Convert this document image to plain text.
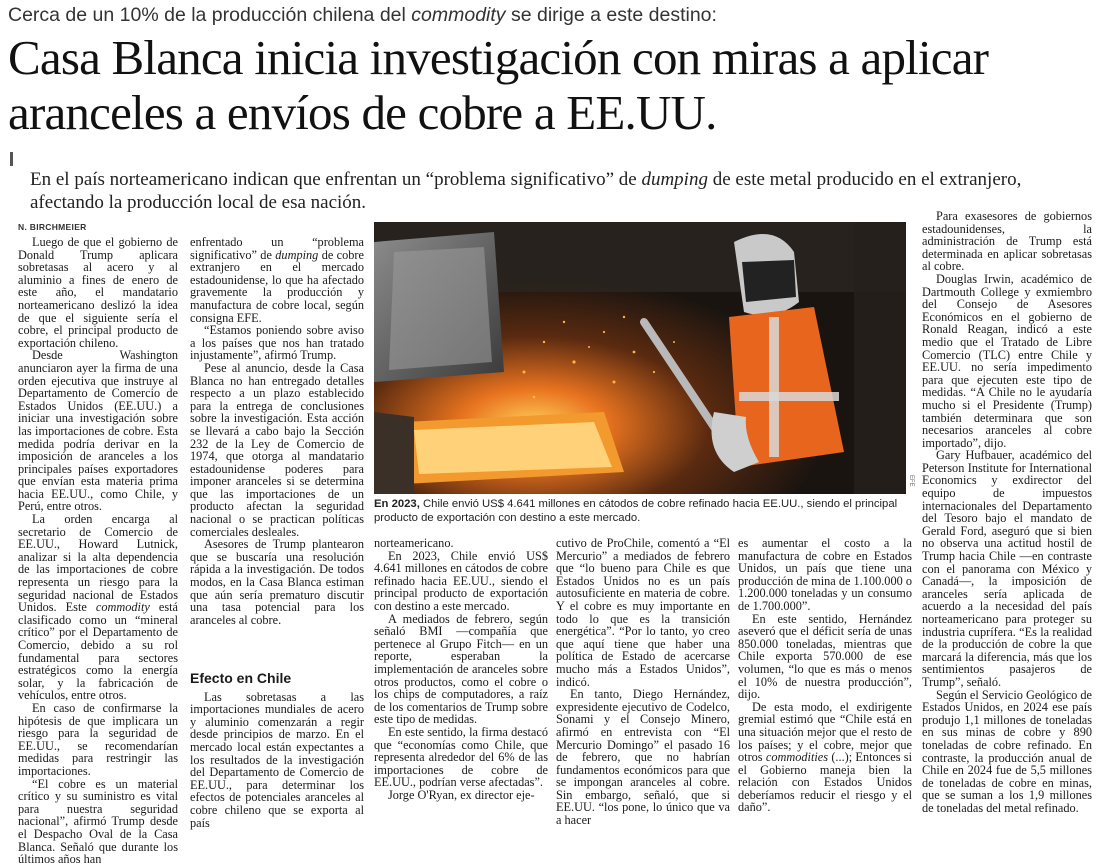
Cerca de un 10% de la producción chilena del commodity se dirige a este destino:
Casa Blanca inicia investigación con miras a aplicar aranceles a envíos de cobre a EE.UU.
En el país norteamericano indican que enfrentan un “problema significativo” de dumping de este metal producido en el extranjero, afectando la producción local de esa nación.
N. BIRCHMEIER

Luego de que el gobierno de Donald Trump aplicara sobretasas al acero y al aluminio a fines de enero de este año, el mandatario norteamericano deslizó la idea de que el siguiente sería el cobre, el principal producto de exportación chileno.

Desde Washington anunciaron ayer la firma de una orden ejecutiva que instruye al Departamento de Comercio de Estados Unidos (EE.UU.) a iniciar una investigación sobre las importaciones de cobre. Esta medida podría derivar en la imposición de aranceles a los principales países exportadores que envían esta materia prima hacia EE.UU., como Chile, y Perú, entre otros.

La orden encarga al secretario de Comercio de EE.UU., Howard Lutnick, analizar si la alta dependencia de las importaciones de cobre representa un riesgo para la seguridad nacional de Estados Unidos. Este commodity está clasificado como un “mineral crítico” por el Departamento de Comercio, debido a su rol fundamental para sectores estratégicos como la energía solar, y la fabricación de vehículos, entre otros.

En caso de confirmarse la hipótesis de que implicara un riesgo para la seguridad de EE.UU., se recomendarían medidas para restringir las importaciones.

“El cobre es un material crítico y su suministro es vital para nuestra seguridad nacional”, afirmó Trump desde el Despacho Oval de la Casa Blanca. Señaló que durante los últimos años han

enfrentado un “problema significativo” de dumping de cobre extranjero en el mercado estadounidense, lo que ha afectado gravemente la producción y manufactura de cobre local, según consigna EFE.

“Estamos poniendo sobre aviso a los países que nos han tratado injustamente”, afirmó Trump.

Pese al anuncio, desde la Casa Blanca no han entregado detalles respecto a un plazo establecido para la entrega de conclusiones sobre la investigación. Esta acción se llevará a cabo bajo la Sección 232 de la Ley de Comercio de 1974, que otorga al mandatario estadounidense poderes para imponer aranceles si se determina que las importaciones de un producto afectan la seguridad nacional o se practican políticas comerciales desleales.

Asesores de Trump plantearon que se buscaría una resolución rápida a la investigación. De todos modos, en la Casa Blanca estiman que aún sería prematuro discutir una tasa potencial para los aranceles al cobre.

Efecto en Chile

Las sobretasas a las importaciones mundiales de acero y aluminio comenzarán a regir desde principios de marzo. En el mercado local están expectantes a los resultados de la investigación del Departamento de Comercio de EE.UU., para determinar los efectos de potenciales aranceles al cobre chileno que se exporta al país

EFE
En 2023, Chile envió US$ 4.641 millones en cátodos de cobre refinado hacia EE.UU., siendo el principal producto de exportación con destino a este mercado.

norteamericano.

En 2023, Chile envió US$ 4.641 millones en cátodos de cobre refinado hacia EE.UU., siendo el principal producto de exportación con destino a este mercado.

A mediados de febrero, según señaló BMI —compañía que pertenece al Grupo Fitch— en un reporte, esperaban la implementación de aranceles sobre otros productos, como el cobre o los chips de computadores, a raíz de los comentarios de Trump sobre este tipo de medidas.

En este sentido, la firma destacó que “economías como Chile, que representa alrededor del 6% de las importaciones de cobre de EE.UU., podrían verse afectadas”.

Jorge O'Ryan, ex director eje-

cutivo de ProChile, comentó a “El Mercurio” a mediados de febrero que “lo bueno para Chile es que Estados Unidos no es un país autosuficiente en materia de cobre. Y el cobre es muy importante en todo lo que es la transición energética”. “Por lo tanto, yo creo que aquí tiene que haber una política de Estado de acercarse mucho más a Estados Unidos”, indicó.

En tanto, Diego Hernández, expresidente ejecutivo de Codelco, Sonami y el Consejo Minero, afirmó en entrevista con “El Mercurio Domingo” el pasado 16 de febrero, que no habrían fundamentos económicos para que se impongan aranceles al cobre. Sin embargo, señaló, que si EE.UU. “los pone, lo único que va a hacer

es aumentar el costo a la manufactura de cobre en Estados Unidos, un país que tiene una producción de mina de 1.100.000 o 1.200.000 toneladas y un consumo de 1.700.000”.

En este sentido, Hernández aseveró que el déficit sería de unas 850.000 toneladas, mientras que Chile exporta 570.000 de ese volumen, “lo que es más o menos el 10% de nuestra producción”, dijo.

De esta modo, el exdirigente gremial estimó que “Chile está en una situación mejor que el resto de los países; y el cobre, mejor que otros commodities (...); Entonces si el Gobierno maneja bien la relación con Estados Unidos deberíamos reducir el riesgo y el daño”.

Para exasesores de gobiernos estadounidenses, la administración de Trump está determinada en aplicar sobretasas al cobre.

Douglas Irwin, académico de Dartmouth College y exmiembro del Consejo de Asesores Económicos en el gobierno de Ronald Reagan, indicó a este medio que el Tratado de Libre Comercio (TLC) entre Chile y EE.UU. no sería impedimento para que ejecuten este tipo de medidas. “A Chile no le ayudaría mucho si el Presidente (Trump) también determinara que son necesarios aranceles al cobre importado”, dijo.

Gary Hufbauer, académico del Peterson Institute for International Economics y exdirector del equipo de impuestos internacionales del Departamento del Tesoro bajo el mandato de Gerald Ford, aseguró que si bien no observa una actitud hostil de Trump hacia Chile —en contraste con el panorama con México y Canadá—, la imposición de aranceles sería aplicada de acuerdo a la necesidad del país norteamericano para proteger su industria cuprífera. “Es la realidad de la producción de cobre la que marcará la diferencia, más que los sentimientos pasajeros de Trump”, señaló.

Según el Servicio Geológico de Estados Unidos, en 2024 ese país produjo 1,1 millones de toneladas en sus minas de cobre y 890 toneladas de cobre refinado. En contraste, la producción anual de Chile en 2024 fue de 5,5 millones de toneladas de cobre en minas, que se suman a los 1,9 millones de toneladas del metal refinado.
